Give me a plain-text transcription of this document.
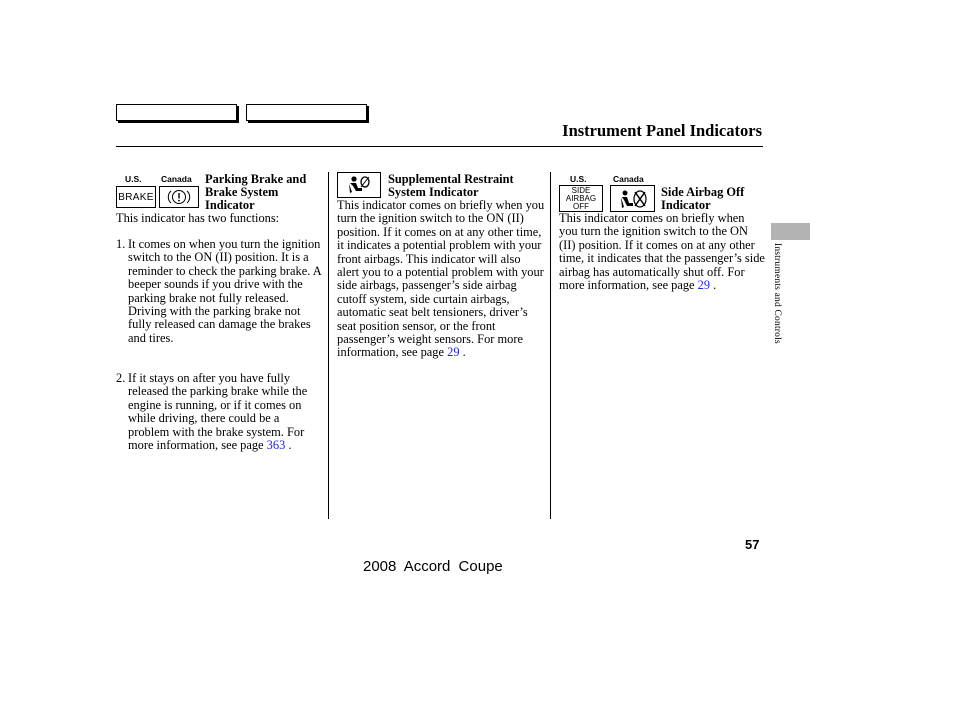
Instrument Panel Indicators
U.S. Canada
BRAKE
Parking Brake and
Brake System
Indicator
This indicator has two functions:
1. It comes on when you turn the ignition switch to the ON (II) position. It is a reminder to check the parking brake. A beeper sounds if you drive with the parking brake not fully released. Driving with the parking brake not fully released can damage the brakes and tires.

2. If it stays on after you have fully released the parking brake while the engine is running, or if it comes on while driving, there could be a problem with the brake system. For more information, see page 363 .

Supplemental Restraint
System Indicator
This indicator comes on briefly when you turn the ignition switch to the ON (II) position. If it comes on at any other time, it indicates a potential problem with your front airbags. This indicator will also alert you to a potential problem with your side airbags, passenger’s side airbag cutoff system, side curtain airbags, automatic seat belt tensioners, driver’s seat position sensor, or the front passenger’s weight sensors. For more information, see page 29 .
U.S.	Canada
SIDE
AIRBAG
OFF
Side Airbag Off
Indicator
This indicator comes on briefly when you turn the ignition switch to the ON (II) position. If it comes on at any other time, it indicates that the passenger’s side airbag has automatically shut off. For more information, see page 29 .	Instruments and Controls
57
2008 Accord Coupe
